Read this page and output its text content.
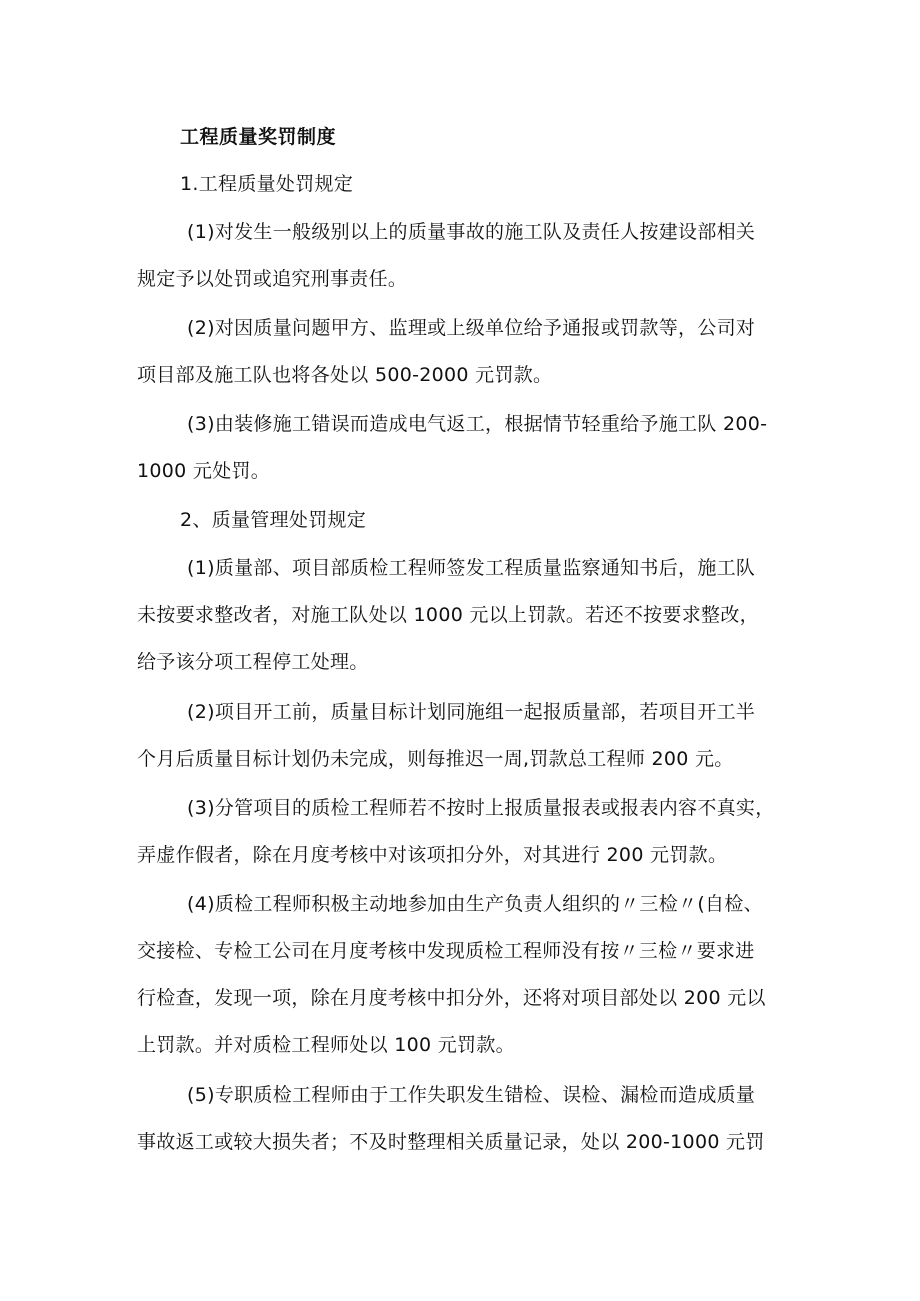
工程质量奖罚制度
1.工程质量处罚规定
(1)对发生一般级别以上的质量事故的施工队及责任人按建设部相关
规定予以处罚或追究刑事责任。
(2)对因质量问题甲方、监理或上级单位给予通报或罚款等，公司对
项目部及施工队也将各处以 500-2000 元罚款。
(3)由装修施工错误而造成电气返工，根据情节轻重给予施工队 200-
1000 元处罚。
2、质量管理处罚规定
(1)质量部、项目部质检工程师签发工程质量监察通知书后，施工队
未按要求整改者，对施工队处以 1000 元以上罚款。若还不按要求整改，
给予该分项工程停工处理。
(2)项目开工前，质量目标计划同施组一起报质量部，若项目开工半
个月后质量目标计划仍未完成，则每推迟一周,罚款总工程师 200 元。
(3)分管项目的质检工程师若不按时上报质量报表或报表内容不真实，
弄虚作假者，除在月度考核中对该项扣分外，对其进行 200 元罚款。
(4)质检工程师积极主动地参加由生产负责人组织的〃三检〃(自检、
交接检、专检工公司在月度考核中发现质检工程师没有按〃三检〃要求进
行检查，发现一项，除在月度考核中扣分外，还将对项目部处以 200 元以
上罚款。并对质检工程师处以 100 元罚款。
(5)专职质检工程师由于工作失职发生错检、误检、漏检而造成质量
事故返工或较大损失者；不及时整理相关质量记录，处以 200-1000 元罚
